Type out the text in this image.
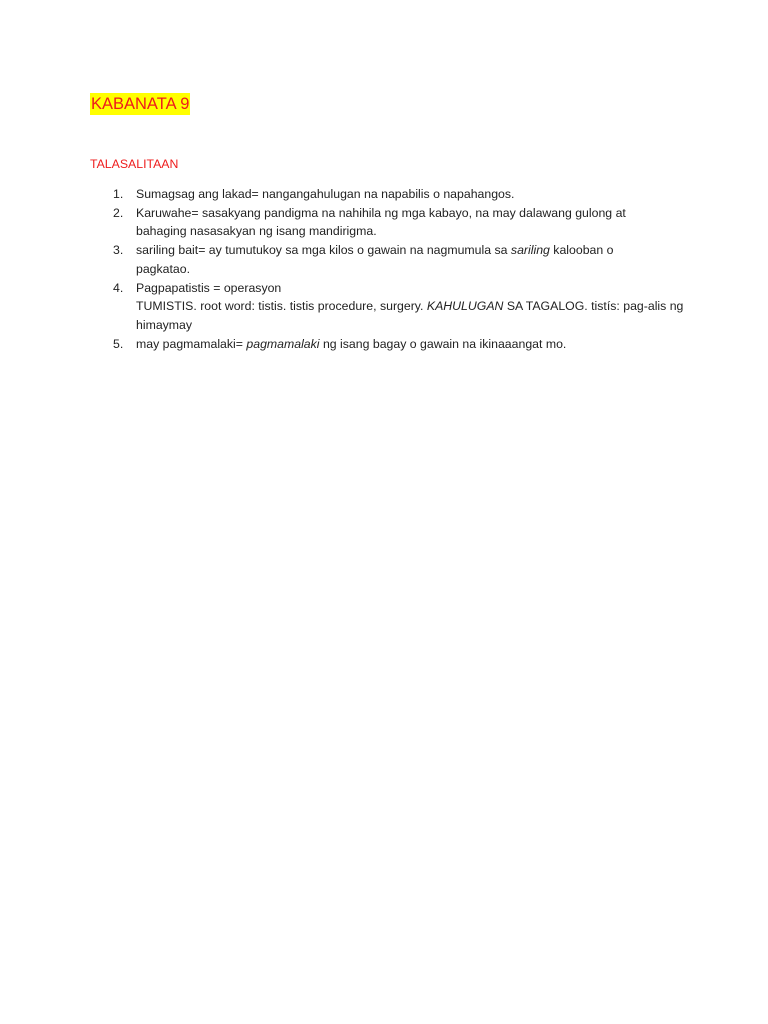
KABANATA 9
TALASALITAAN
1. Sumagsag ang lakad= nangangahulugan na napabilis o napahangos.
2. Karuwahe= sasakyang pandigma na nahihila ng mga kabayo, na may dalawang gulong at
bahaging nasasakyan ng isang mandirigma.
3. sariling bait= ay tumutukoy sa mga kilos o gawain na nagmumula sa sariling kalooban o
pagkatao.
4. Pagpapatistis = operasyon
TUMISTIS. root word: tistis. tistis procedure, surgery. KAHULUGAN SA TAGALOG. tistís: pag-alis ng
himaymay
5. may pagmamalaki= pagmamalaki ng isang bagay o gawain na ikinaaangat mo.
